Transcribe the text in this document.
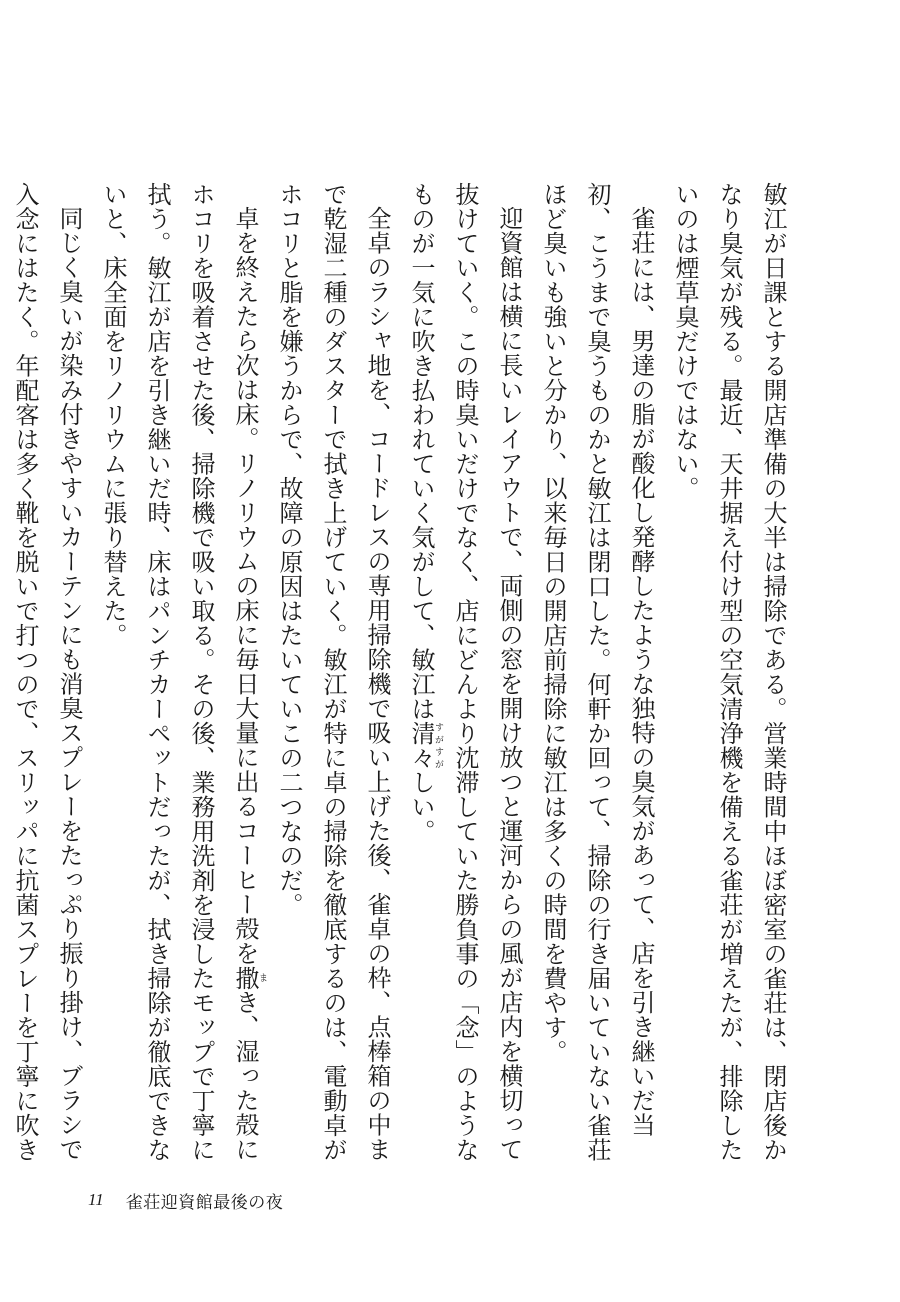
敏江が日課とする開店準備の大半は掃除である。営業時間中ほぼ密室の雀荘は、閉店後かなり臭気が残る。最近、天井据え付け型の空気清浄機を備える雀荘が増えたが、排除したいのは煙草臭だけではない。

雀荘には、男達の脂が酸化し発酵したような独特の臭気があって、店を引き継いだ当初、こうまで臭うものかと敏江は閉口した。何軒か回って、掃除の行き届いていない雀荘ほど臭いも強いと分かり、以来毎日の開店前掃除に敏江は多くの時間を費やす。

迎資館は横に長いレイアウトで、両側の窓を開け放つと運河からの風が店内を横切って抜けていく。この時臭いだけでなく、店にどんより沈滞していた勝負事の「念」のようなものが一気に吹き払われていく気がして、敏江は清々すがすがしい。

全卓のラシャ地を、コードレスの専用掃除機で吸い上げた後、雀卓の枠、点棒箱の中まで乾湿二種のダスターで拭き上げていく。敏江が特に卓の掃除を徹底するのは、電動卓がホコリと脂を嫌うからで、故障の原因はたいていこの二つなのだ。

卓を終えたら次は床。リノリウムの床に毎日大量に出るコーヒー殻を撒まき、湿った殻にホコリを吸着させた後、掃除機で吸い取る。その後、業務用洗剤を浸したモップで丁寧に拭う。敏江が店を引き継いだ時、床はパンチカーペットだったが、拭き掃除が徹底できないと、床全面をリノリウムに張り替えた。

同じく臭いが染み付きやすいカーテンにも消臭スプレーをたっぷり振り掛け、ブラシで入念にはたく。年配客は多く靴を脱いで打つので、スリッパに抗菌スプレーを丁寧に吹き

11 雀荘迎資館最後の夜
